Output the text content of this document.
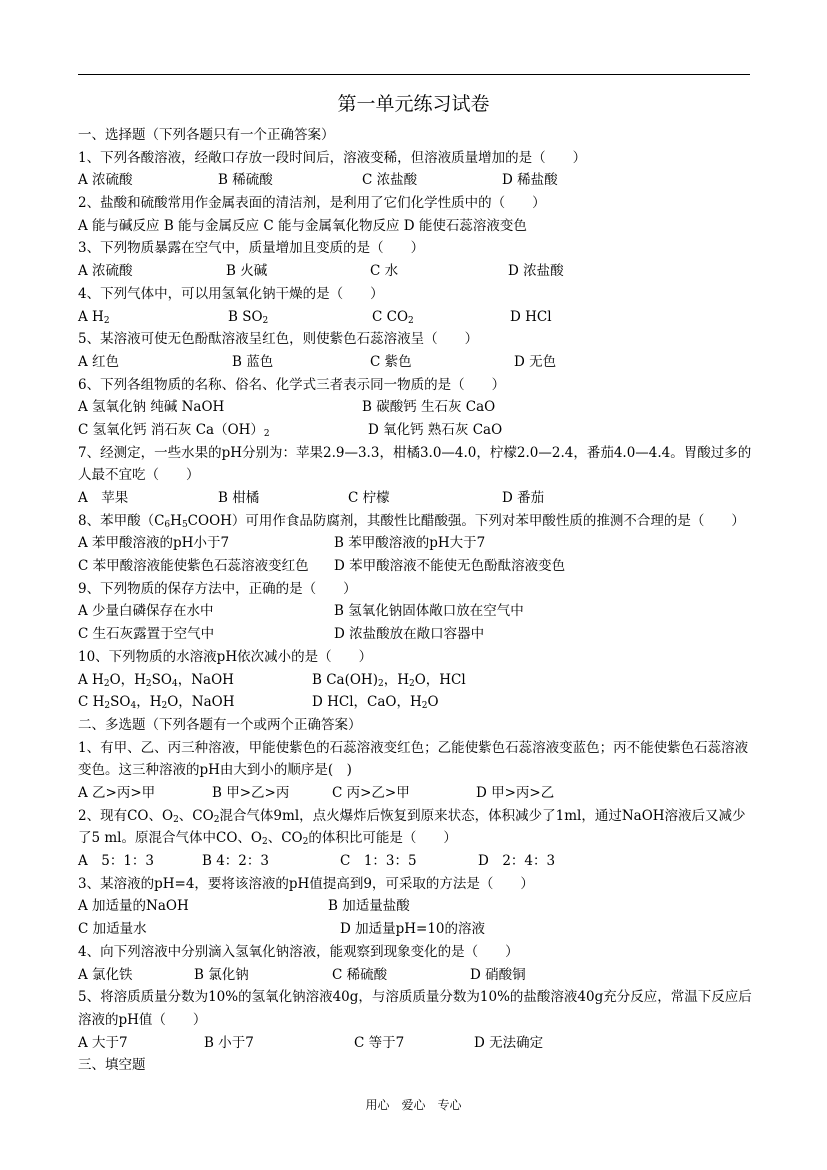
第一单元练习试卷
一、选择题（下列各题只有一个正确答案）
1、下列各酸溶液，经敞口存放一段时间后，溶液变稀，但溶液质量增加的是（　　）
A 浓硫酸	B 稀硫酸	C 浓盐酸	D 稀盐酸
2、盐酸和硫酸常用作金属表面的清洁剂，是利用了它们化学性质中的（　　）
A 能与碱反应 B 能与金属反应 C 能与金属氧化物反应 D 能使石蕊溶液变色
3、下列物质暴露在空气中，质量增加且变质的是（　　）
A 浓硫酸	B 火碱	C 水	D 浓盐酸
4、下列气体中，可以用氢氧化钠干燥的是（　　）
A $H_2$	B $SO_2$	C $CO_2$	D HCl
5、某溶液可使无色酚酞溶液呈红色，则使紫色石蕊溶液呈（　　）
A 红色	B 蓝色	C 紫色	D 无色
6、下列各组物质的名称、俗名、化学式三者表示同一物质的是（　　）
A 氢氧化钠 纯碱 NaOH	B 碳酸钙 生石灰 CaO
C 氢氧化钙 消石灰 $Ca(OH)_2$	D 氧化钙 熟石灰 CaO
7、经测定，一些水果的pH分别为：苹果2.9—3.3，柑橘3.0—4.0，柠檬2.0—2.4，番茄4.0—4.4。胃酸过多的人最不宜吃（　　）
A　苹果	B 柑橘	C 柠檬	D 番茄
8、苯甲酸$(C_6H_5COOH)$可用作食品防腐剂，其酸性比醋酸强。下列对苯甲酸性质的推测不合理的是（　　）
A 苯甲酸溶液的pH小于7	B 苯甲酸溶液的pH大于7
C 苯甲酸溶液能使紫色石蕊溶液变红色 D 苯甲酸溶液不能使无色酚酞溶液变色
9、下列物质的保存方法中，正确的是（　　）
A 少量白磷保存在水中	B 氢氧化钠固体敞口放在空气中
C 生石灰露置于空气中	D 浓盐酸放在敞口容器中
10、下列物质的水溶液pH依次减小的是（　　）
A $H_2O$，$H_2SO_4$，NaOH	B $Ca(OH)_2$，$H_2O$，HCl
C $H_2SO_4$，$H_2O$，NaOH	D HCl，CaO，$H_2O$
二、多选题（下列各题有一个或两个正确答案）
1、有甲、乙、丙三种溶液，甲能使紫色的石蕊溶液变红色；乙能使紫色石蕊溶液变蓝色；丙不能使紫色石蕊溶液变色。这三种溶液的pH由大到小的顺序是(　)
A 乙>丙>甲	B 甲>乙>丙	C 丙>乙>甲	D 甲>丙>乙
2、现有CO、$O_2$、$CO_2$混合气体9ml，点火爆炸后恢复到原来状态，体积减少了1ml，通过NaOH溶液后又减少了5 ml。原混合气体中CO、$O_2$、$CO_2$的体积比可能是（　　）
A　5：1：3	B 4：2：3	C　1：3：5	D　2：4：3
3、某溶液的pH=4，要将该溶液的pH值提高到9，可采取的方法是（　　）
A 加适量的NaOH	B 加适量盐酸
C 加适量水	D 加适量pH=10的溶液
4、向下列溶液中分别滴入氢氧化钠溶液，能观察到现象变化的是（　　）
A 氯化铁	B 氯化钠	C 稀硫酸	D 硝酸铜
5、将溶质质量分数为10%的氢氧化钠溶液40g，与溶质质量分数为10%的盐酸溶液40g充分反应，常温下反应后溶液的pH值（　　）
A 大于7	B 小于7	C 等于7	D 无法确定
三、填空题
用心　爱心　专心
